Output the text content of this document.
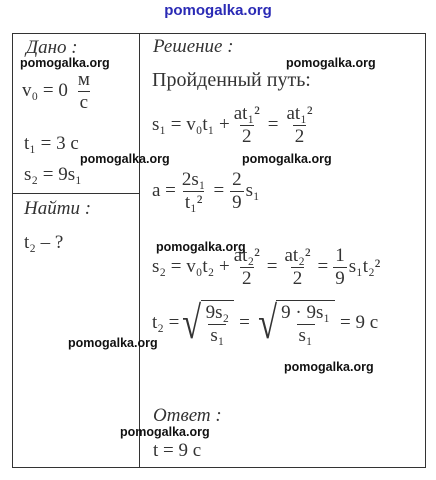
pomogalka.org
Дано :
pomogalka.org
$v_0 = 0 \frac{м}{с}$
t₁ = 3 с
s₂ = 9s₁
Найти :
t₂ – ?
Решение :
pomogalka.org
Пройденный путь:
$s_1 = v_0t_1 + \frac{\text{at₁²}}{2} = \frac{\text{at₁²}}{2}$
pomogalka.org	pomogalka.org
$a = \frac{\text{2s₁}}{\text{t₁²}} = \frac{2}{9} s_1$
pomogalka.org
$s_2 = v_0t_2 + \frac{\text{at₂²}}{2} = \frac{\text{at₂²}}{2} = \frac{1}{9} s_1t_2^2$
t₂ = √ $\frac{\text{9s₂}}{\text{s₁}}$ = √ $\frac{\text{9 · 9s₁}}{\text{s₁}} = 9$ с
pomogalka.org
pomogalka.org
Ответ :
pomogalka.org
t = 9 с
